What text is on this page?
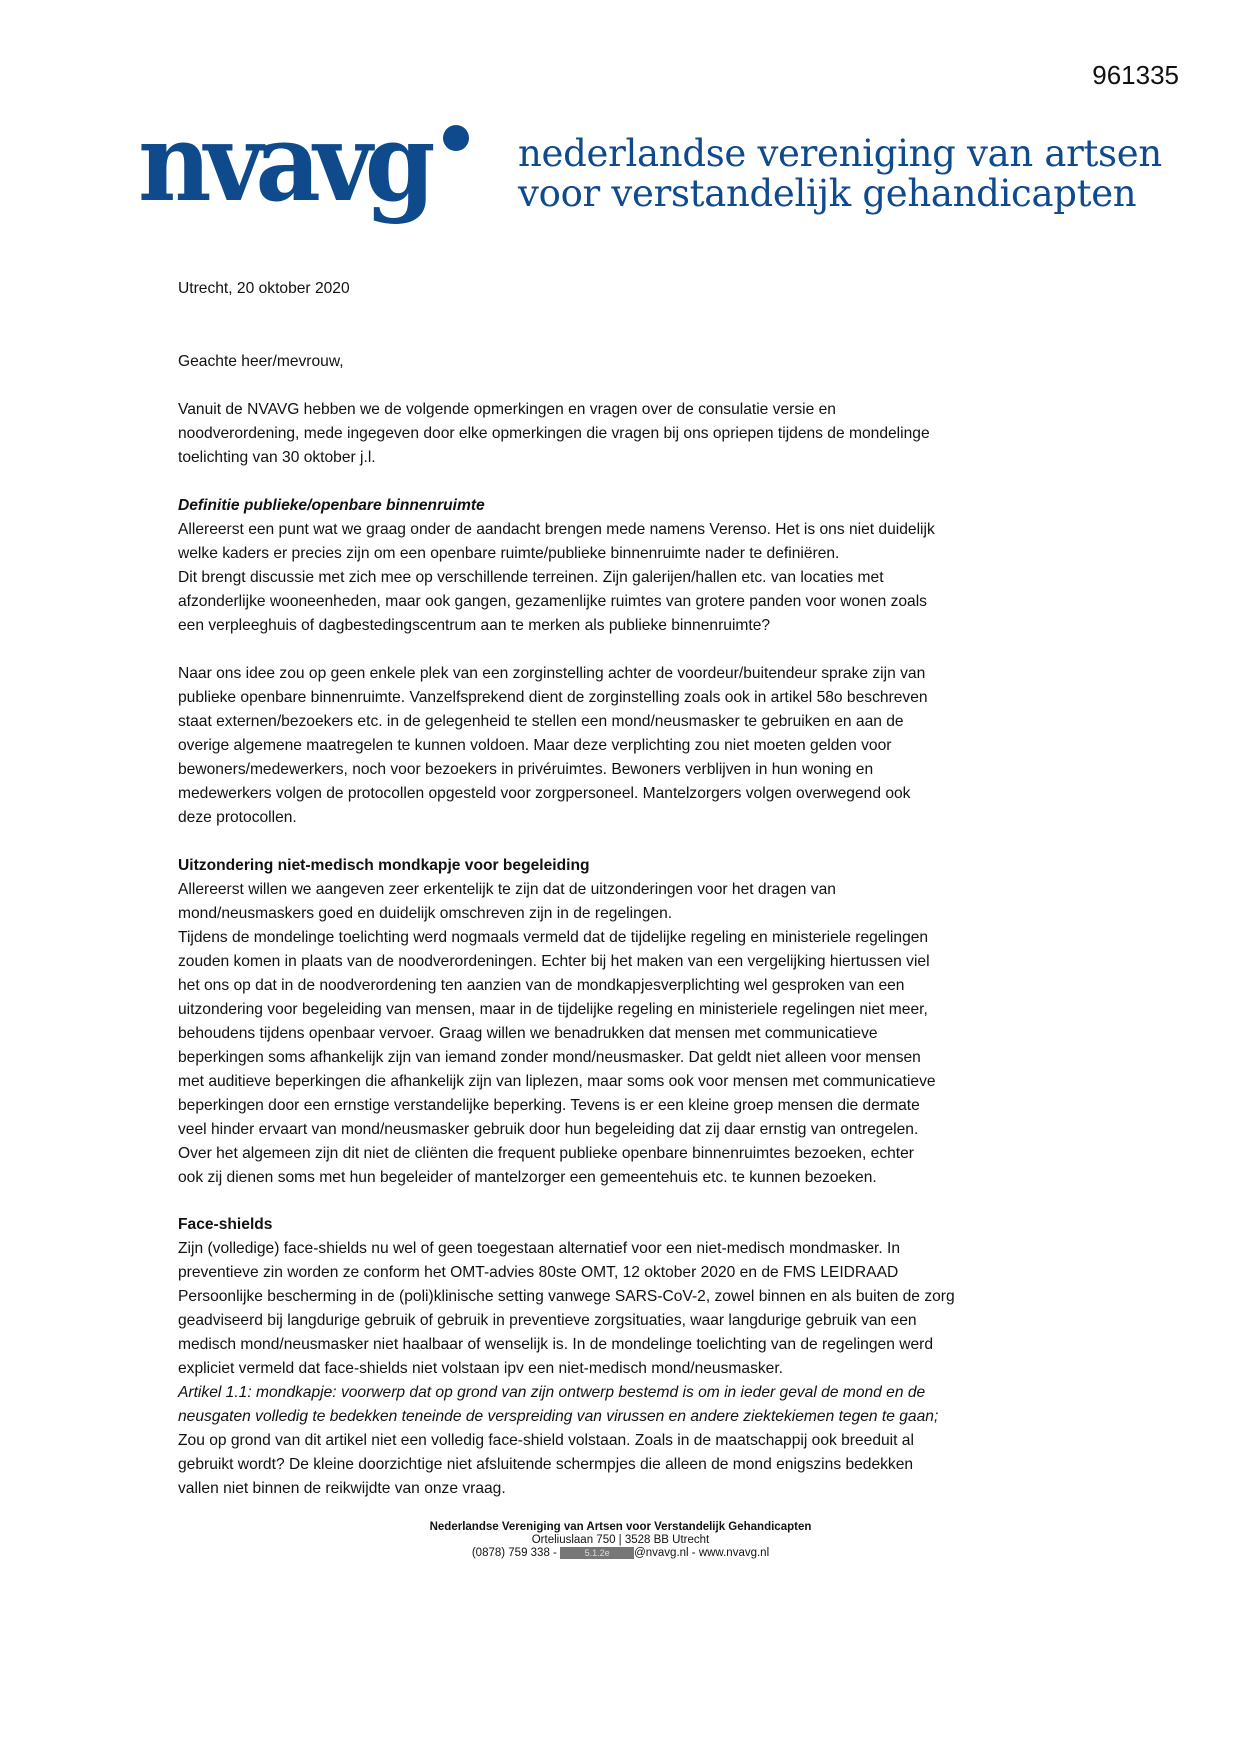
961335
nvavg nederlandse vereniging van artsen
voor verstandelijk gehandicapten
Utrecht, 20 oktober 2020
Geachte heer/mevrouw,
Vanuit de NVAVG hebben we de volgende opmerkingen en vragen over de consulatie versie en
noodverordening, mede ingegeven door elke opmerkingen die vragen bij ons opriepen tijdens de mondelinge
toelichting van 30 oktober j.l.
Definitie publieke/openbare binnenruimte
Allereerst een punt wat we graag onder de aandacht brengen mede namens Verenso. Het is ons niet duidelijk
welke kaders er precies zijn om een openbare ruimte/publieke binnenruimte nader te definiëren.
Dit brengt discussie met zich mee op verschillende terreinen. Zijn galerijen/hallen etc. van locaties met
afzonderlijke wooneenheden, maar ook gangen, gezamenlijke ruimtes van grotere panden voor wonen zoals
een verpleeghuis of dagbestedingscentrum aan te merken als publieke binnenruimte?
Naar ons idee zou op geen enkele plek van een zorginstelling achter de voordeur/buitendeur sprake zijn van
publieke openbare binnenruimte. Vanzelfsprekend dient de zorginstelling zoals ook in artikel 58o beschreven
staat externen/bezoekers etc. in de gelegenheid te stellen een mond/neusmasker te gebruiken en aan de
overige algemene maatregelen te kunnen voldoen. Maar deze verplichting zou niet moeten gelden voor
bewoners/medewerkers, noch voor bezoekers in privéruimtes. Bewoners verblijven in hun woning en
medewerkers volgen de protocollen opgesteld voor zorgpersoneel. Mantelzorgers volgen overwegend ook
deze protocollen.
Uitzondering niet-medisch mondkapje voor begeleiding
Allereerst willen we aangeven zeer erkentelijk te zijn dat de uitzonderingen voor het dragen van
mond/neusmaskers goed en duidelijk omschreven zijn in de regelingen.
Tijdens de mondelinge toelichting werd nogmaals vermeld dat de tijdelijke regeling en ministeriele regelingen
zouden komen in plaats van de noodverordeningen. Echter bij het maken van een vergelijking hiertussen viel
het ons op dat in de noodverordening ten aanzien van de mondkapjesverplichting wel gesproken van een
uitzondering voor begeleiding van mensen, maar in de tijdelijke regeling en ministeriele regelingen niet meer,
behoudens tijdens openbaar vervoer. Graag willen we benadrukken dat mensen met communicatieve
beperkingen soms afhankelijk zijn van iemand zonder mond/neusmasker. Dat geldt niet alleen voor mensen
met auditieve beperkingen die afhankelijk zijn van liplezen, maar soms ook voor mensen met communicatieve
beperkingen door een ernstige verstandelijke beperking. Tevens is er een kleine groep mensen die dermate
veel hinder ervaart van mond/neusmasker gebruik door hun begeleiding dat zij daar ernstig van ontregelen.
Over het algemeen zijn dit niet de cliënten die frequent publieke openbare binnenruimtes bezoeken, echter
ook zij dienen soms met hun begeleider of mantelzorger een gemeentehuis etc. te kunnen bezoeken.
Face-shields
Zijn (volledige) face-shields nu wel of geen toegestaan alternatief voor een niet-medisch mondmasker. In
preventieve zin worden ze conform het OMT-advies 80ste OMT, 12 oktober 2020 en de FMS LEIDRAAD
Persoonlijke bescherming in de (poli)klinische setting vanwege SARS-CoV-2, zowel binnen en als buiten de zorg
geadviseerd bij langdurige gebruik of gebruik in preventieve zorgsituaties, waar langdurige gebruik van een
medisch mond/neusmasker niet haalbaar of wenselijk is. In de mondelinge toelichting van de regelingen werd
expliciet vermeld dat face-shields niet volstaan ipv een niet-medisch mond/neusmasker.
Artikel 1.1: mondkapje: voorwerp dat op grond van zijn ontwerp bestemd is om in ieder geval de mond en de
neusgaten volledig te bedekken teneinde de verspreiding van virussen en andere ziektekiemen tegen te gaan;
Zou op grond van dit artikel niet een volledig face-shield volstaan. Zoals in de maatschappij ook breeduit al
gebruikt wordt? De kleine doorzichtige niet afsluitende schermpjes die alleen de mond enigszins bedekken
vallen niet binnen de reikwijdte van onze vraag.
Nederlandse Vereniging van Artsen voor Verstandelijk Gehandicapten
Orteliuslaan 750 | 3528 BB Utrecht
(0878) 759 338 -	5.1.2e @nvavg.nl - www.nvavg.nl
